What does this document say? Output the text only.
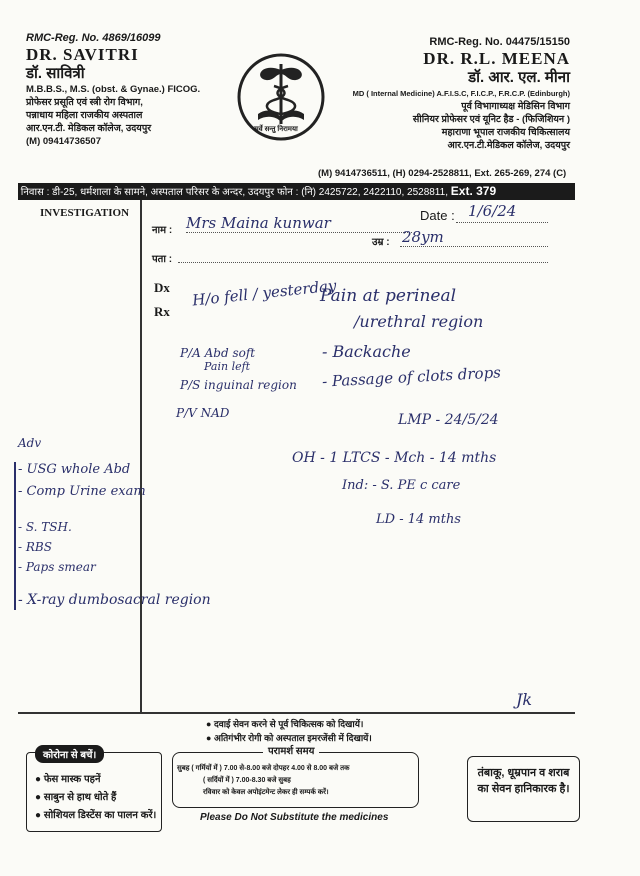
RMC-Reg. No. 4869/16099
DR. SAVITRI
डॉ. सावित्री
M.B.B.S., M.S. (obst. & Gynae.) FICOG.
प्रोफेसर प्रसूति एवं स्त्री रोग विभाग,
पन्नाधाय महिला राजकीय अस्पताल
आर.एन.टी. मेडिकल कॉलेज, उदयपुर
(M) 09414736507
सर्वे सन्तु निरामया
RMC-Reg. No. 04475/15150
DR. R.L. MEENA
डॉ. आर. एल. मीना
MD ( Internal Medicine) A.F.I.S.C, F.I.C.P., F.R.C.P. (Edinburgh)
पूर्व विभागाध्यक्ष मेडिसिन विभाग
सीनियर प्रोफेसर एवं यूनिट हैड - (फिजिशियन )
महाराणा भूपाल राजकीय चिकित्सालय
आर.एन.टी.मेडिकल कॉलेज, उदयपुर
(M) 9414736511, (H) 0294-2528811, Ext. 265-269, 274 (C)
निवास : डी-25, धर्मशाला के सामने, अस्पताल परिसर के अन्दर, उदयपुर फोन : (नि) 2425722, 2422110, 2528811, Ext. 379
INVESTIGATION
नाम : Mrs Maina kunwar	Date : 1/6/24
उम्र : 28ym
पता :
Dx
Rx
H/o fell / yesterday
Pain at perineal
/urethral region
P/A Abd soft
Pain left
P/S inguinal region
P/V NAD
- Backache
- Passage of clots drops
LMP - 24/5/24
OH - 1 LTCS - Mch - 14 mths
Ind: - S. PE c care
LD - 14 mths
Adv
- USG whole Abd
- Comp Urine exam
- S. TSH.
- RBS
- Paps smear
- X-ray dumbosacral region
Jk
● दवाई सेवन करने से पूर्व चिकित्सक को दिखायें।
● अतिगंभीर रोगी को अस्पताल इमरजेंसी में दिखायें।
कोरोना से बचें।
● फेस मास्क पहनें
● साबुन से हाथ धोते हैं
● सोशियल डिस्टेंस का पालन करें।
परामर्श समय
सुबह ( गर्मियों में ) 7.00 से-8.00 बजे दोपहर 4.00 से 8.00 बजे तक
( सर्दियों में ) 7.00-8.30 बजे सुबह
रविवार को केवल अपोइंटमेन्ट लेकर ही सम्पर्क करें।
तंबाकू, धूम्रपान व शराब का सेवन हानिकारक है।
Please Do Not Substitute the medicines
